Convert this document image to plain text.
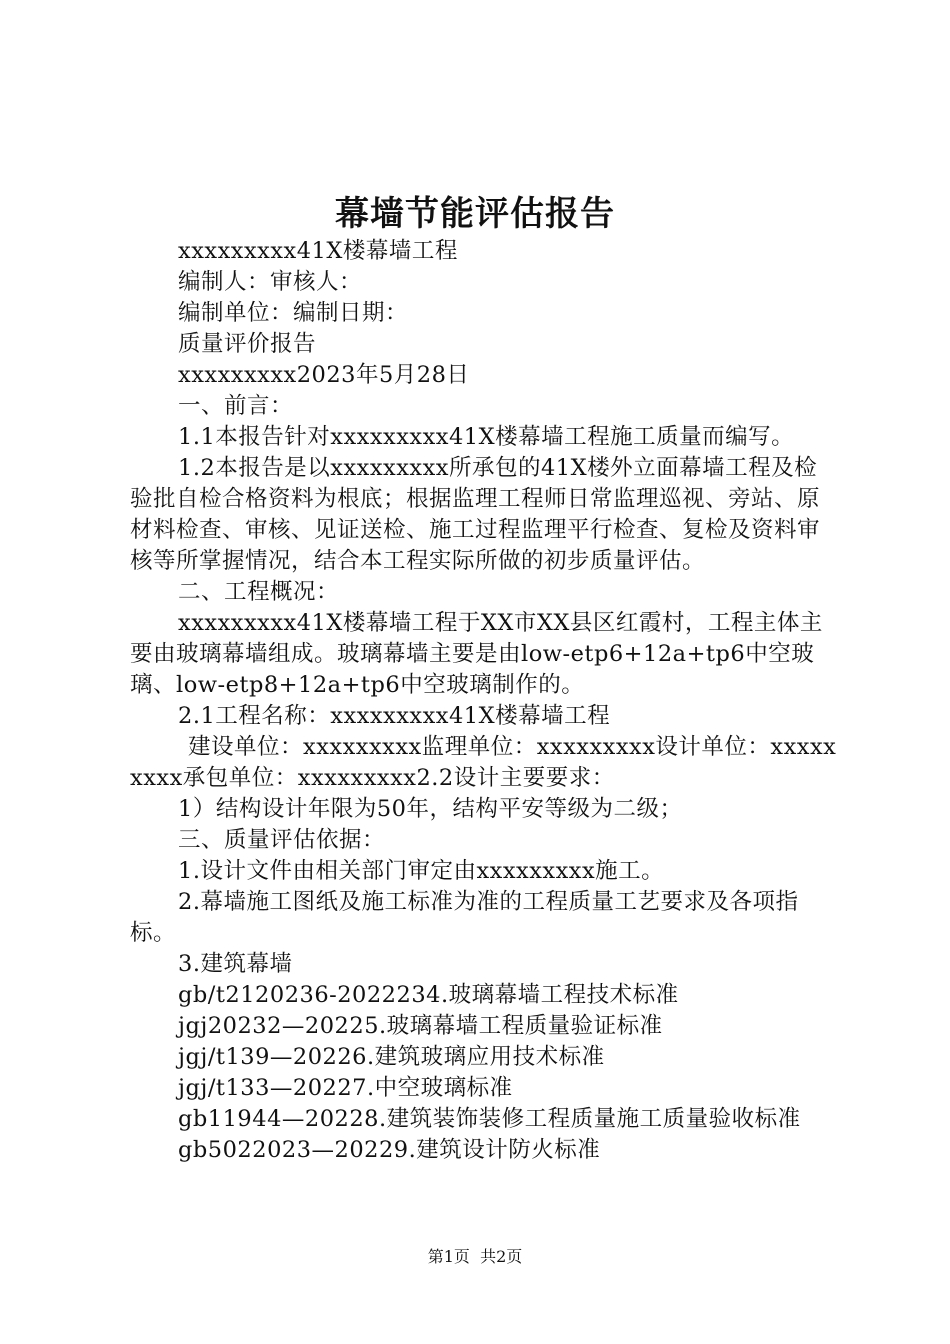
幕墙节能评估报告

xxxxxxxxx41X楼幕墙工程

编制人：审核人：

编制单位：编制日期：

质量评价报告

xxxxxxxxx2023年5月28日

一、前言：

1.1本报告针对xxxxxxxxx41X楼幕墙工程施工质量而编写。

1.2本报告是以xxxxxxxxx所承包的41X楼外立面幕墙工程及检验批自检合格资料为根底；根据监理工程师日常监理巡视、旁站、原材料检查、审核、见证送检、施工过程监理平行检查、复检及资料审核等所掌握情况，结合本工程实际所做的初步质量评估。

二、工程概况：

xxxxxxxxx41X楼幕墙工程于XX市XX县区红霞村，工程主体主要由玻璃幕墙组成。玻璃幕墙主要是由low-etp6+12a+tp6中空玻璃、low-etp8+12a+tp6中空玻璃制作的。

2.1工程名称：xxxxxxxxx41X楼幕墙工程

建设单位：xxxxxxxxx监理单位：xxxxxxxxx设计单位：xxxxxxxxx承包单位：xxxxxxxxx2.2设计主要要求：

1）结构设计年限为50年，结构平安等级为二级；

三、质量评估依据：

1.设计文件由相关部门审定由xxxxxxxxx施工。

2.幕墙施工图纸及施工标准为准的工程质量工艺要求及各项指标。

3.建筑幕墙

gb/t2120236-2022234.玻璃幕墙工程技术标准

jgj20232—20225.玻璃幕墙工程质量验证标准

jgj/t139—20226.建筑玻璃应用技术标准

jgj/t133—20227.中空玻璃标准

gb11944—20228.建筑装饰装修工程质量施工质量验收标准

gb5022023—20229.建筑设计防火标准

第1页  共2页
